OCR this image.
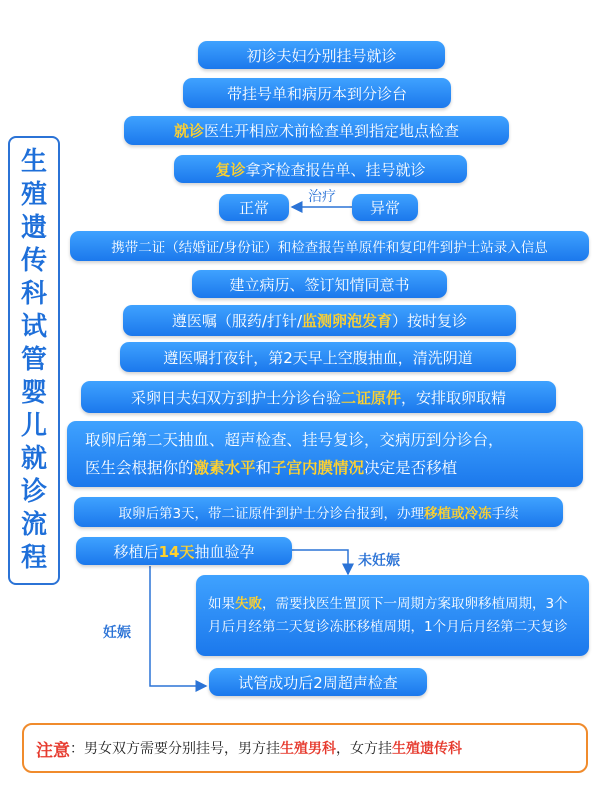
生殖遗传科试管婴儿就诊流程
初诊夫妇分别挂号就诊
带挂号单和病历本到分诊台
就诊 医生开相应术前检查单到指定地点检查
复诊 拿齐检查报告单、挂号就诊
正常	异常
治疗
携带二证（结婚证/身份证）和检查报告单原件和复印件到护士站录入信息
建立病历、签订知情同意书
遵医嘱（服药/打针/ 监测卵泡发育 ）按时复诊
遵医嘱打夜针，第2天早上空腹抽血，清洗阴道
采卵日夫妇双方到护士分诊台验 二证原件 ，安排取卵取精
取卵后第二天抽血、超声检查、挂号复诊，交病历到分诊台，
医生会根据你的激素水平和子宫内膜情况决定是否移植
取卵后第3天，带二证原件到护士分诊台报到，办理 移植或冷冻 手续
移植后 14天 抽血验孕
未妊娠
妊娠
如果失败，需要找医生置顶下一周期方案取卵移植周期，3个月后月经第二天复诊冻胚移植周期，1个月后月经第二天复诊
试管成功后2周超声检查
注意 ： 男女双方需要分别挂号，男方挂 生殖男科 ，女方挂 生殖遗传科
